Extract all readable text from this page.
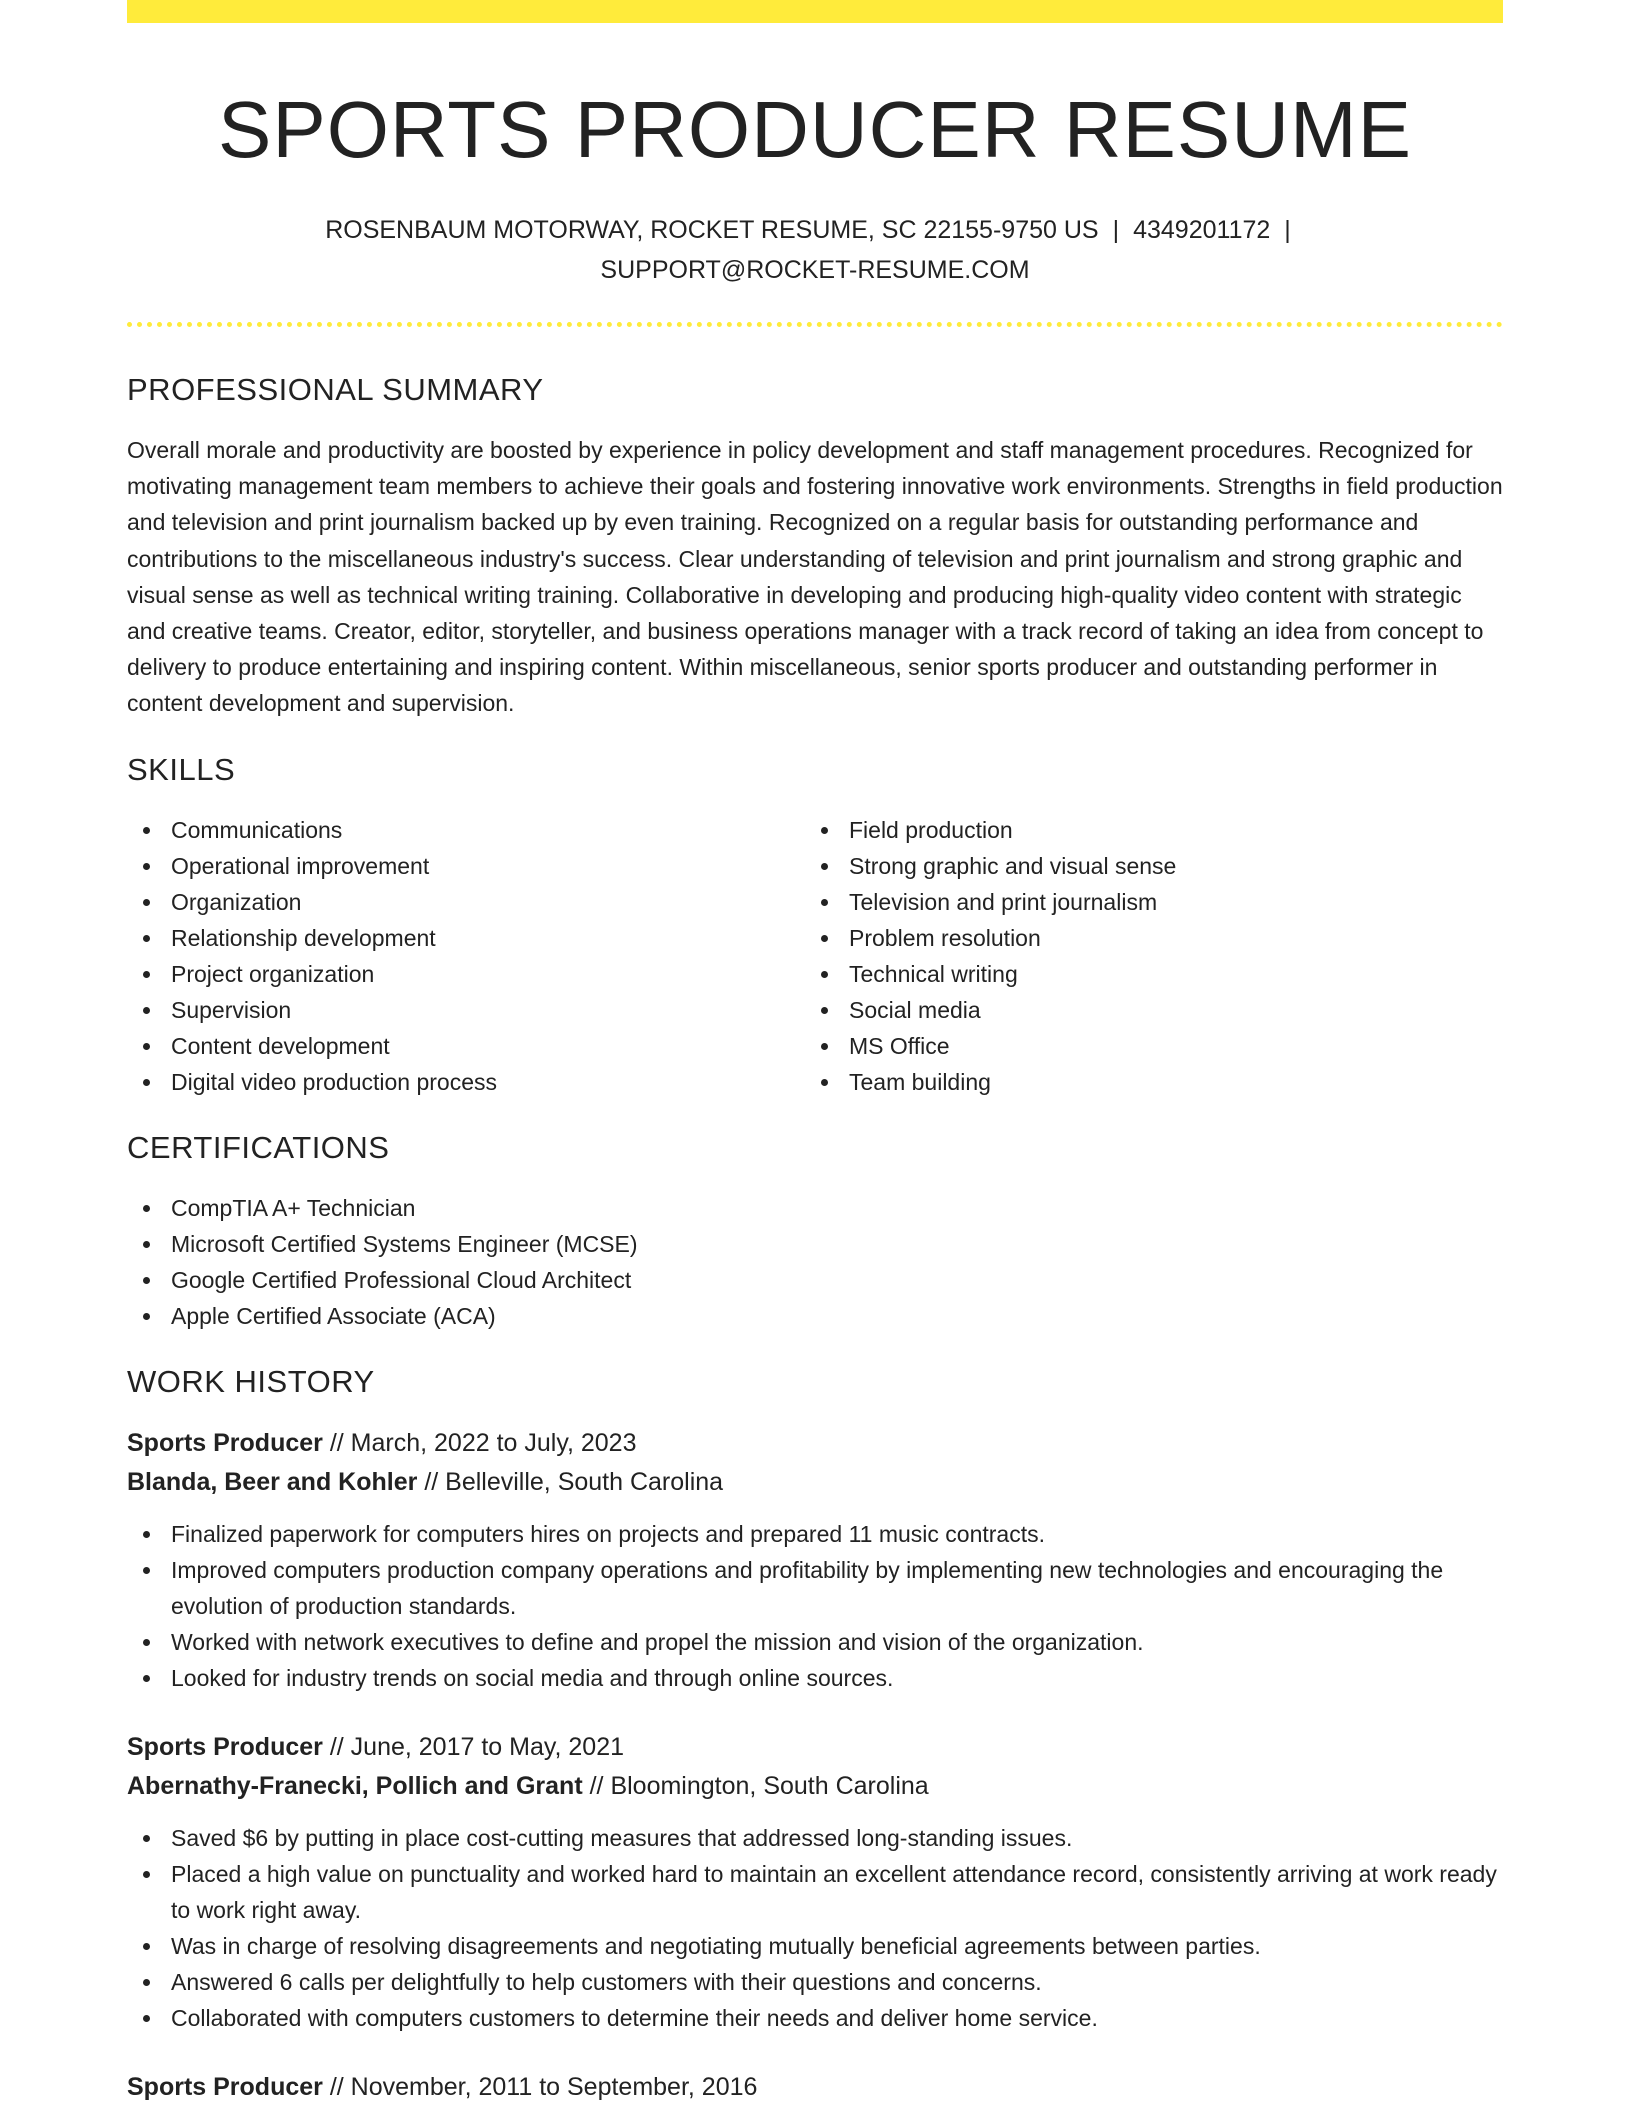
SPORTS PRODUCER RESUME
ROSENBAUM MOTORWAY, ROCKET RESUME, SC 22155-9750 US | 4349201172 |
SUPPORT@ROCKET-RESUME.COM
PROFESSIONAL SUMMARY

Overall morale and productivity are boosted by experience in policy development and staff management procedures. Recognized for motivating management team members to achieve their goals and fostering innovative work environments. Strengths in field production and television and print journalism backed up by even training. Recognized on a regular basis for outstanding performance and contributions to the miscellaneous industry's success. Clear understanding of television and print journalism and strong graphic and visual sense as well as technical writing training. Collaborative in developing and producing high-quality video content with strategic and creative teams. Creator, editor, storyteller, and business operations manager with a track record of taking an idea from concept to delivery to produce entertaining and inspiring content. Within miscellaneous, senior sports producer and outstanding performer in content development and supervision.

SKILLS
Communications
Operational improvement
Organization
Relationship development
Project organization
Supervision
Content development
Digital video production process
Field production
Strong graphic and visual sense
Television and print journalism
Problem resolution
Technical writing
Social media
MS Office
Team building
CERTIFICATIONS
CompTIA A+ Technician
Microsoft Certified Systems Engineer (MCSE)
Google Certified Professional Cloud Architect
Apple Certified Associate (ACA)
WORK HISTORY
Sports Producer // March, 2022 to July, 2023
Blanda, Beer and Kohler // Belleville, South Carolina
Finalized paperwork for computers hires on projects and prepared 11 music contracts.
Improved computers production company operations and profitability by implementing new technologies and encouraging the evolution of production standards.
Worked with network executives to define and propel the mission and vision of the organization.
Looked for industry trends on social media and through online sources.
Sports Producer // June, 2017 to May, 2021
Abernathy-Franecki, Pollich and Grant // Bloomington, South Carolina
Saved $6 by putting in place cost-cutting measures that addressed long-standing issues.
Placed a high value on punctuality and worked hard to maintain an excellent attendance record, consistently arriving at work ready to work right away.
Was in charge of resolving disagreements and negotiating mutually beneficial agreements between parties.
Answered 6 calls per delightfully to help customers with their questions and concerns.
Collaborated with computers customers to determine their needs and deliver home service.
Sports Producer // November, 2011 to September, 2016
